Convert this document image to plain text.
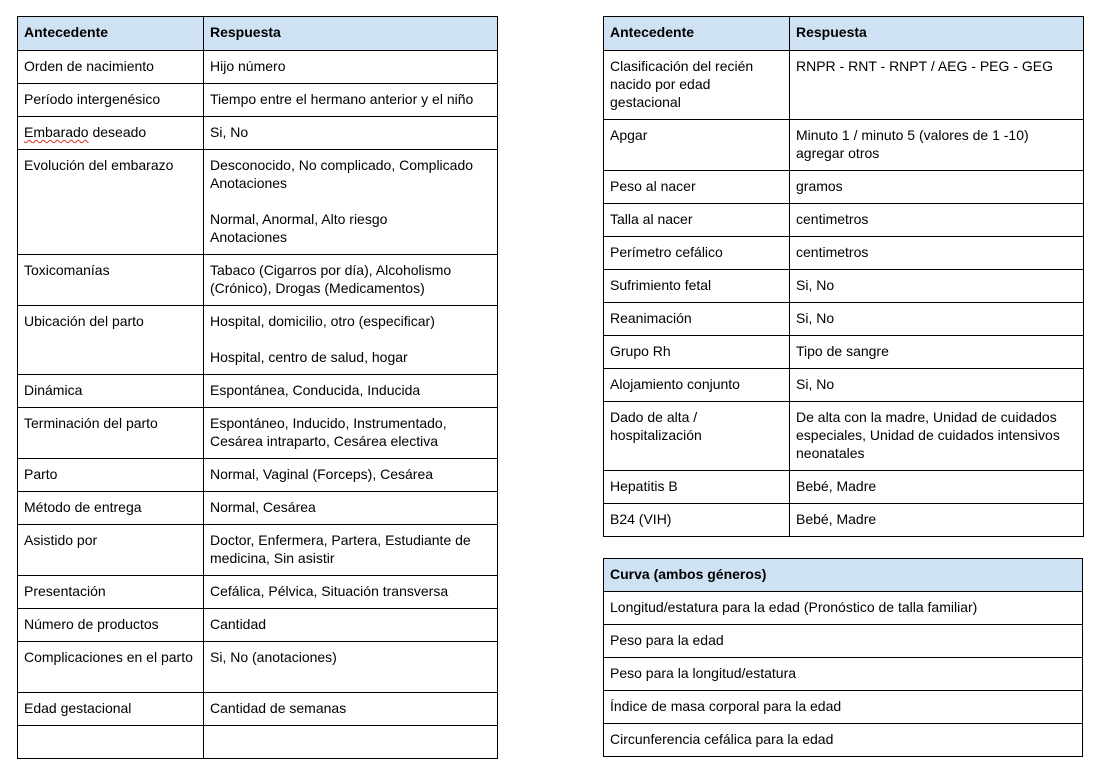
Antecedente	Respuesta
Orden de nacimiento	Hijo número

Período intergenésico	Tiempo entre el hermano anterior y el niño

Embarado deseado	Si, No

Evolución del embarazo	Desconocido, No complicado, Complicado
Anotaciones
Normal, Anormal, Alto riesgo
Anotaciones

Toxicomanías	Tabaco (Cigarros por día), Alcoholismo
(Crónico), Drogas (Medicamentos)

Ubicación del parto	Hospital, domicilio, otro (especificar)
Hospital, centro de salud, hogar

Dinámica	Espontánea, Conducida, Inducida

Terminación del parto	Espontáneo, Inducido, Instrumentado,
Cesárea intraparto, Cesárea electiva

Parto	Normal, Vaginal (Forceps), Cesárea

Método de entrega	Normal, Cesárea

Asistido por	Doctor, Enfermera, Partera, Estudiante de
medicina, Sin asistir

Presentación	Cefálica, Pélvica, Situación transversa

Número de productos	Cantidad

Complicaciones en el parto	Si, No (anotaciones)

Edad gestacional	Cantidad de semanas

Antecedente	Respuesta
Clasificación del recién nacido por edad gestacional	RNPR - RNT - RNPT / AEG - PEG - GEG

Apgar	Minuto 1 / minuto 5 (valores de 1 -10)
agregar otros

Peso al nacer	gramos

Talla al nacer	centimetros

Perímetro cefálico	centimetros

Sufrimiento fetal	Si, No

Reanimación	Si, No

Grupo Rh	Tipo de sangre

Alojamiento conjunto	Si, No

Dado de alta / hospitalización	De alta con la madre, Unidad de cuidados
especiales, Unidad de cuidados intensivos
neonatales

Hepatitis B	Bebé, Madre

B24 (VIH)	Bebé, Madre
Curva (ambos géneros)
Longitud/estatura para la edad (Pronóstico de talla familiar)
Peso para la edad
Peso para la longitud/estatura
Índice de masa corporal para la edad
Circunferencia cefálica para la edad
